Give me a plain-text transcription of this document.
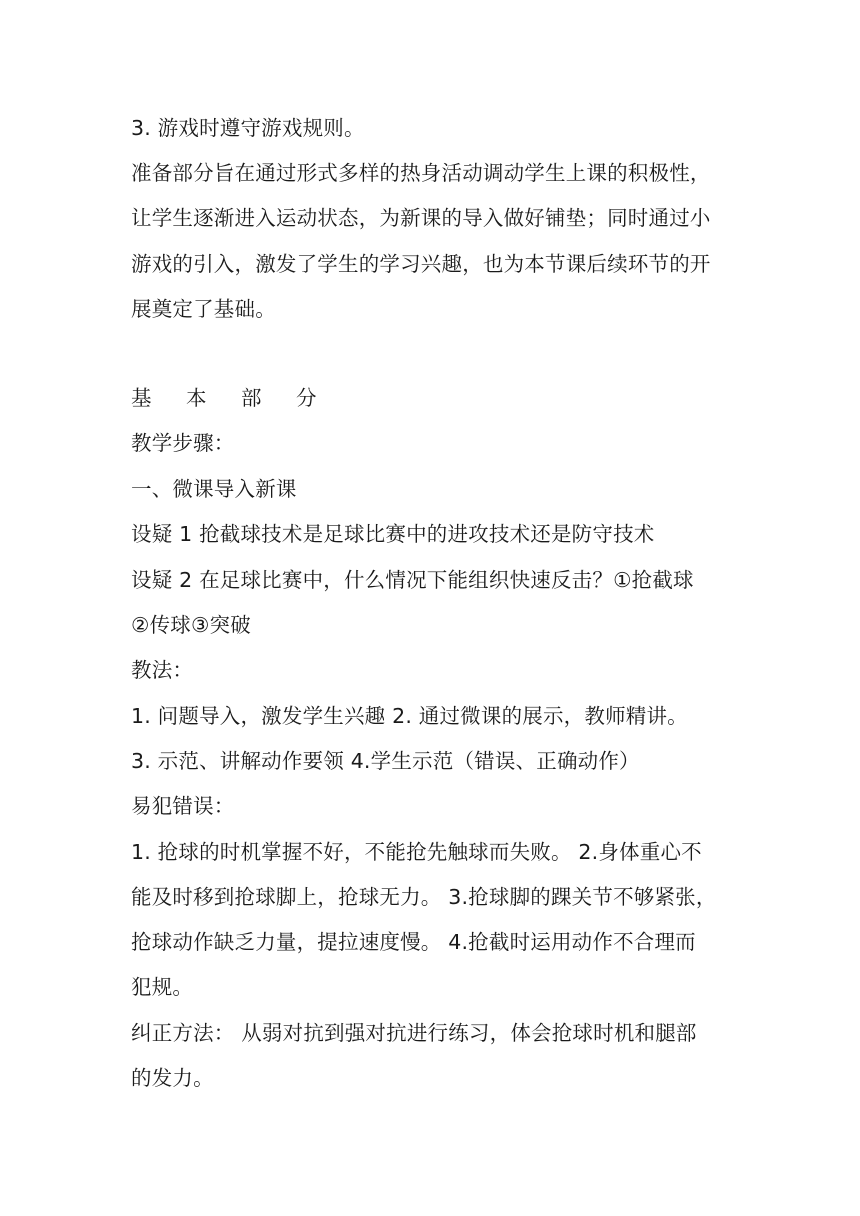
3. 游戏时遵守游戏规则。
准备部分旨在通过形式多样的热身活动调动学生上课的积极性，
让学生逐渐进入运动状态，为新课的导入做好铺垫；同时通过小
游戏的引入，激发了学生的学习兴趣，也为本节课后续环节的开
展奠定了基础。
基 本 部 分
教学步骤：
一、微课导入新课
设疑 1 抢截球技术是足球比赛中的进攻技术还是防守技术
设疑 2 在足球比赛中，什么情况下能组织快速反击？①抢截球
②传球③突破
教法：
1. 问题导入，激发学生兴趣 2. 通过微课的展示，教师精讲。
3. 示范、讲解动作要领 4.学生示范（错误、正确动作）
易犯错误：
1. 抢球的时机掌握不好，不能抢先触球而失败。 2.身体重心不
能及时移到抢球脚上，抢球无力。 3.抢球脚的踝关节不够紧张，
抢球动作缺乏力量，提拉速度慢。 4.抢截时运用动作不合理而
犯规。
纠正方法： 从弱对抗到强对抗进行练习，体会抢球时机和腿部
的发力。
